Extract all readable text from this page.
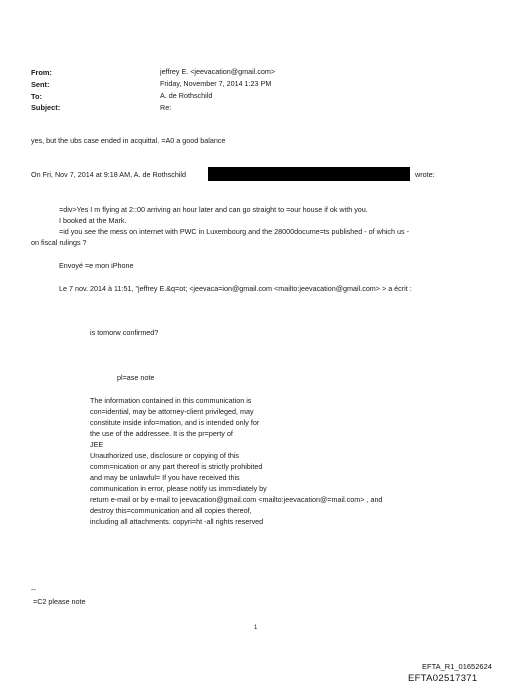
From:	jeffrey E. <jeevacation@gmail.com>
Sent:	Friday, November 7, 2014 1:23 PM
To:	A. de Rothschild
Subject:	Re:
yes, but the ubs case ended in acquittal. =A0 a good balance
On Fri, Nov 7, 2014 at 9:18 AM, A. de Rothschild	wrote:
=div>Yes I m flying at 2::00 arriving an hour later and can go straight to =our house if ok with you.
I booked at the Mark.
=id you see the mess on internet with PWC in Luxembourg and the 28000docume=ts published - of which us -
on fiscal rulings ?
Envoyé =e mon iPhone
Le 7 nov. 2014 à 11:51, "jeffrey E.&q=ot; <jeevaca=ion@gmail.com <mailto:jeevacation@gmail.com> > a écrit :
is tomorw confirmed?
pl=ase note
The information contained in this communication is
con=idential, may be attorney-client privileged, may
constitute inside info=mation, and is intended only for
the use of the addressee. It is the pr=perty of
JEE
Unauthorized use, disclosure or copying of this
comm=nication or any part thereof is strictly prohibited
and may be unlawful= If you have received this
communication in error, please notify us imm=diately by
return e-mail or by e-mail to jeevacation@gmail.com <mailto:jeevacation@=mail.com> , and
destroy this=communication and all copies thereof,
including all attachments. copyri=ht -all rights reserved
--
=C2 please note
1
EFTA_R1_01652624
EFTA02517371
